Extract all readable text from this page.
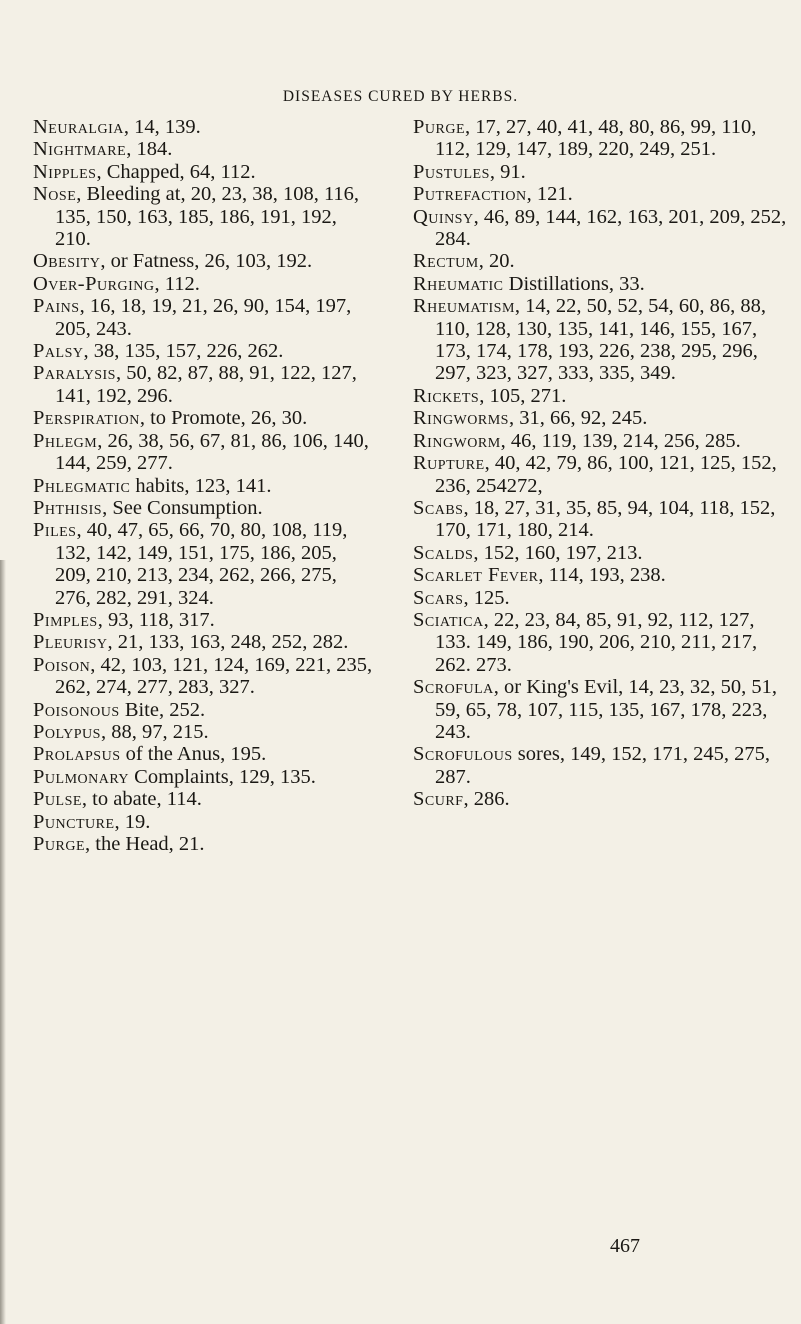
DISEASES CURED BY HERBS.

Neuralgia, 14, 139.

Nightmare, 184.

Nipples, Chapped, 64, 112.

Nose, Bleeding at, 20, 23, 38, 108, 116, 135, 150, 163, 185, 186, 191, 192, 210.

Obesity, or Fatness, 26, 103, 192.

Over-Purging, 112.

Pains, 16, 18, 19, 21, 26, 90, 154, 197, 205, 243.

Palsy, 38, 135, 157, 226, 262.

Paralysis, 50, 82, 87, 88, 91, 122, 127, 141, 192, 296.

Perspiration, to Promote, 26, 30.

Phlegm, 26, 38, 56, 67, 81, 86, 106, 140, 144, 259, 277.

Phlegmatic habits, 123, 141.

Phthisis, See Consumption.

Piles, 40, 47, 65, 66, 70, 80, 108, 119, 132, 142, 149, 151, 175, 186, 205, 209, 210, 213, 234, 262, 266, 275, 276, 282, 291, 324.

Pimples, 93, 118, 317.

Pleurisy, 21, 133, 163, 248, 252, 282.

Poison, 42, 103, 121, 124, 169, 221, 235, 262, 274, 277, 283, 327.

Poisonous Bite, 252.

Polypus, 88, 97, 215.

Prolapsus of the Anus, 195.

Pulmonary Complaints, 129, 135.

Pulse, to abate, 114.

Puncture, 19.

Purge, the Head, 21.

Purge, 17, 27, 40, 41, 48, 80, 86, 99, 110, 112, 129, 147, 189, 220, 249, 251.

Pustules, 91.

Putrefaction, 121.

Quinsy, 46, 89, 144, 162, 163, 201, 209, 252, 284.

Rectum, 20.

Rheumatic Distillations, 33.

Rheumatism, 14, 22, 50, 52, 54, 60, 86, 88, 110, 128, 130, 135, 141, 146, 155, 167, 173, 174, 178, 193, 226, 238, 295, 296, 297, 323, 327, 333, 335, 349.

Rickets, 105, 271.

Ringworms, 31, 66, 92, 245.

Ringworm, 46, 119, 139, 214, 256, 285.

Rupture, 40, 42, 79, 86, 100, 121, 125, 152, 236, 254272,

Scabs, 18, 27, 31, 35, 85, 94, 104, 118, 152, 170, 171, 180, 214.

Scalds, 152, 160, 197, 213.

Scarlet Fever, 114, 193, 238.

Scars, 125.

Sciatica, 22, 23, 84, 85, 91, 92, 112, 127, 133. 149, 186, 190, 206, 210, 211, 217, 262. 273.

Scrofula, or King's Evil, 14, 23, 32, 50, 51, 59, 65, 78, 107, 115, 135, 167, 178, 223, 243.

Scrofulous sores, 149, 152, 171, 245, 275, 287.

Scurf, 286.

467
